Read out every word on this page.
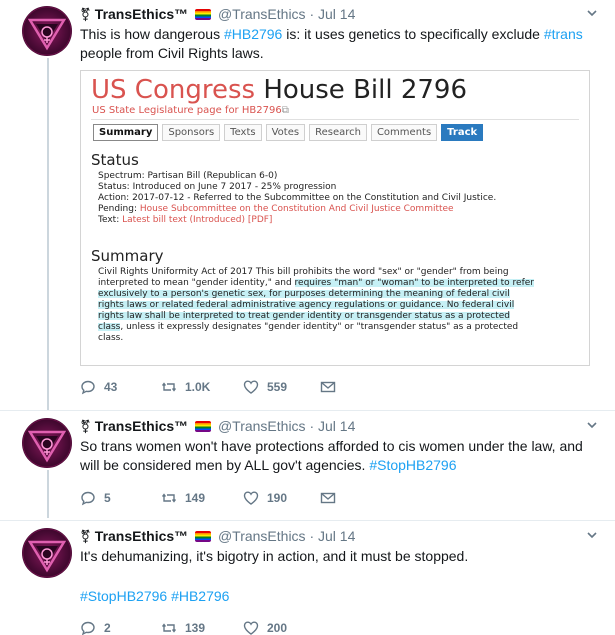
⚧ TransEthics™ @TransEthics · Jul 14
This is how dangerous #HB2796 is: it uses genetics to specifically exclude #trans people from Civil Rights laws.
US Congress House Bill 2796
US State Legislature page for HB2796⧉
Summary	Sponsors	Texts	Votes	Research	Comments	Track
Status
Spectrum: Partisan Bill (Republican 6-0)
Status: Introduced on June 7 2017 - 25% progression
Action: 2017-07-12 - Referred to the Subcommittee on the Constitution and Civil Justice.
Pending: House Subcommittee on the Constitution And Civil Justice Committee
Text: Latest bill text (Introduced) [PDF]
Summary
Civil Rights Uniformity Act of 2017 This bill prohibits the word "sex" or "gender" from being
interpreted to mean "gender identity," and requires "man" or "woman" to be interpreted to refer
exclusively to a person's genetic sex, for purposes determining the meaning of federal civil
rights laws or related federal administrative agency regulations or guidance. No federal civil
rights law shall be interpreted to treat gender identity or transgender status as a protected
class, unless it expressly designates "gender identity" or "transgender status" as a protected
class.
43	1.0K	559
⚧ TransEthics™ @TransEthics · Jul 14
So trans women won't have protections afforded to cis women under the law, and will be considered men by ALL gov't agencies. #StopHB2796
5	149	190
⚧ TransEthics™ @TransEthics · Jul 14
It's dehumanizing, it's bigotry in action, and it must be stopped.
#StopHB2796 #HB2796
2	139	200
